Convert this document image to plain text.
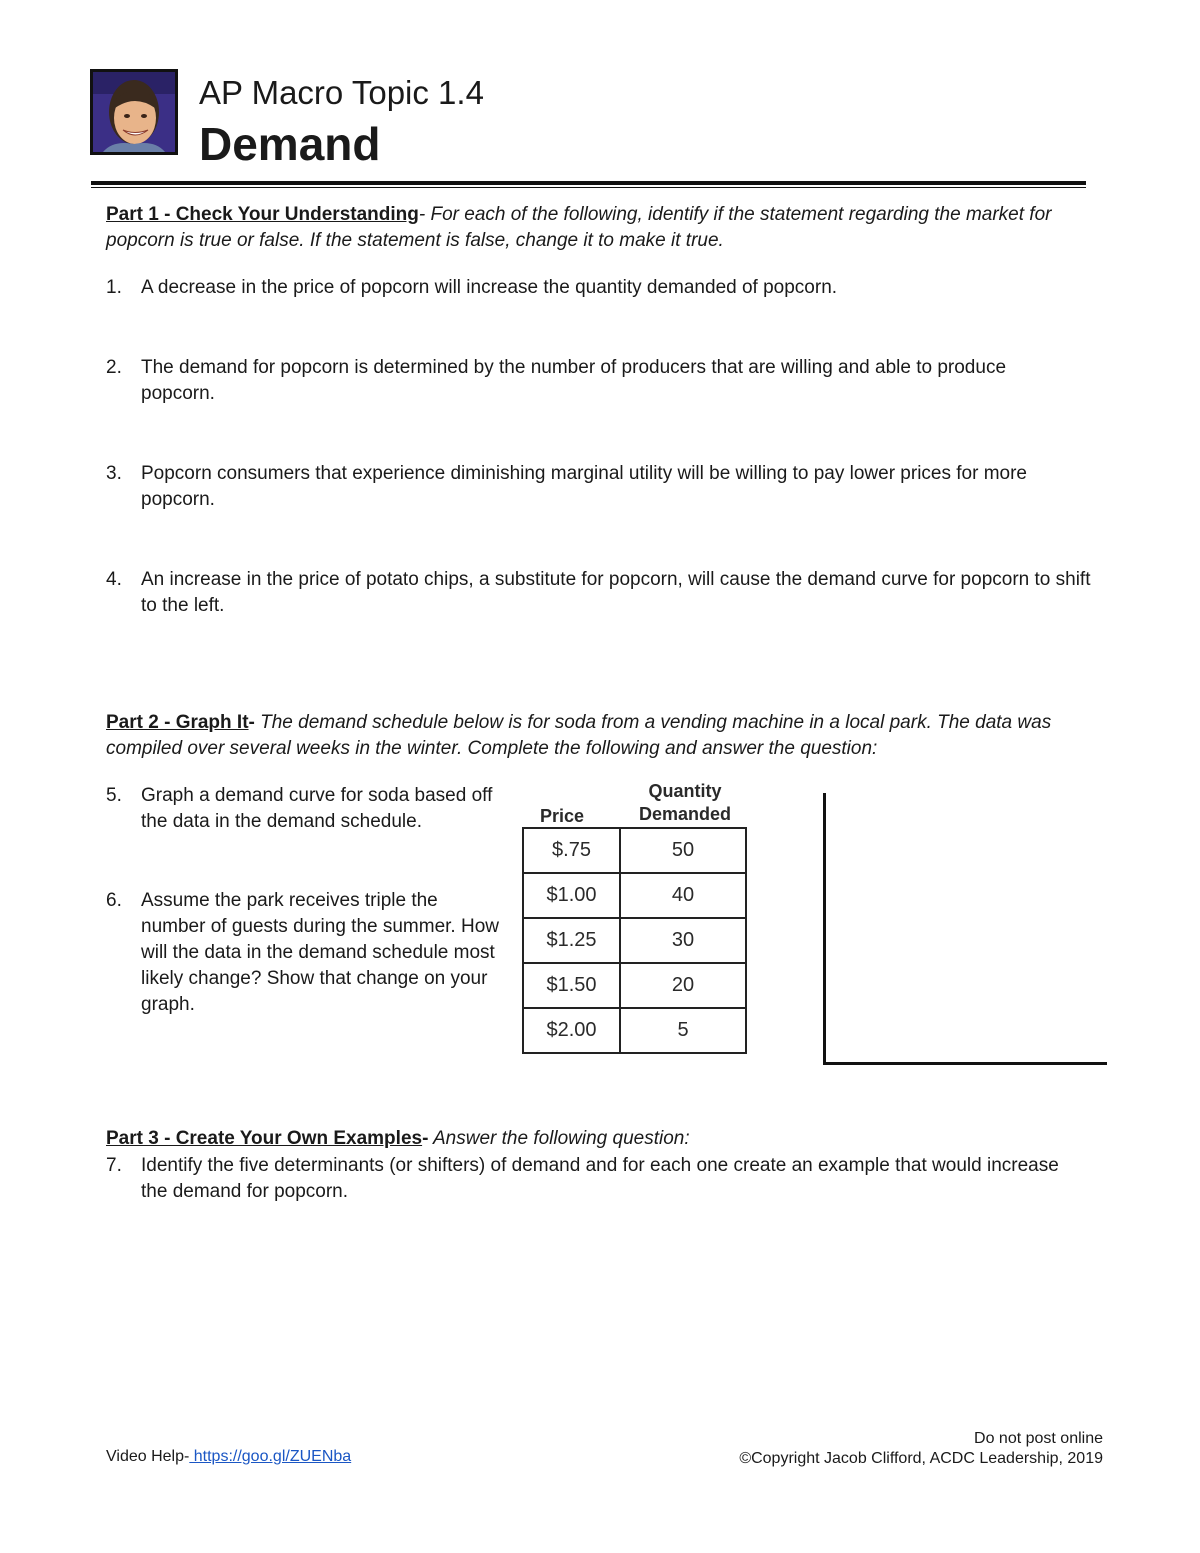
AP Macro Topic 1.4
Demand
Part 1 - Check Your Understanding- For each of the following, identify if the statement regarding the market for popcorn is true or false. If the statement is false, change it to make it true.
1.	A decrease in the price of popcorn will increase the quantity demanded of popcorn.
2.	The demand for popcorn is determined by the number of producers that are willing and able to produce popcorn.
3.	Popcorn consumers that experience diminishing marginal utility will be willing to pay lower prices for more popcorn.
4.	An increase in the price of potato chips, a substitute for popcorn, will cause the demand curve for popcorn to shift to the left.
Part 2 - Graph It- The demand schedule below is for soda from a vending machine in a local park. The data was compiled over several weeks in the winter. Complete the following and answer the question:
5.	Graph a demand curve for soda based off the data in the demand schedule.
6.	Assume the park receives triple the number of guests during the summer. How will the data in the demand schedule most likely change? Show that change on your graph.
Price
Quantity
Demanded
$.75	50
$1.00	40
$1.25	30
$1.50	20
$2.00	5
Part 3 - Create Your Own Examples- Answer the following question:
7.	Identify the five determinants (or shifters) of demand and for each one create an example that would increase the demand for popcorn.
Video Help- https://goo.gl/ZUENba
Do not post online
©Copyright Jacob Clifford, ACDC Leadership, 2019
